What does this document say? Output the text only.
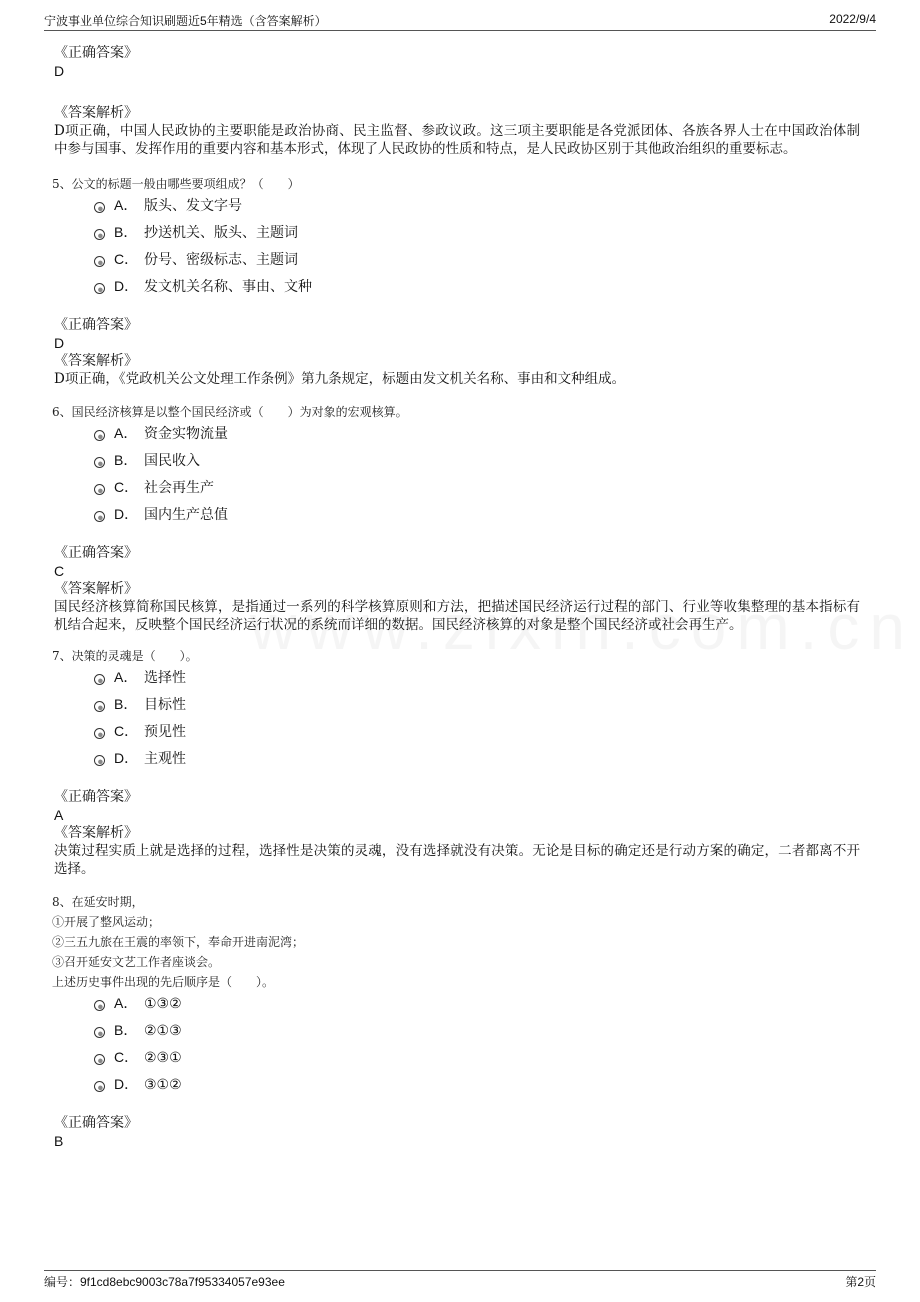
宁波事业单位综合知识刷题近5年精选（含答案解析）	2022/9/4
《正确答案》
D
《答案解析》
D项正确，中国人民政协的主要职能是政治协商、民主监督、参政议政。这三项主要职能是各党派团体、各族各界人士在中国政治体制中参与国事、发挥作用的重要内容和基本形式，体现了人民政协的性质和特点，是人民政协区别于其他政治组织的重要标志。
5、公文的标题一般由哪些要项组成？（　　）
A． 版头、发文字号
B． 抄送机关、版头、主题词
C． 份号、密级标志、主题词
D． 发文机关名称、事由、文种
《正确答案》
D
《答案解析》
D项正确，《党政机关公文处理工作条例》第九条规定，标题由发文机关名称、事由和文种组成。
6、国民经济核算是以整个国民经济或（　　）为对象的宏观核算。
A． 资金实物流量
B． 国民收入
C． 社会再生产
D． 国内生产总值
《正确答案》
C
《答案解析》
国民经济核算简称国民核算，是指通过一系列的科学核算原则和方法，把描述国民经济运行过程的部门、行业等收集整理的基本指标有机结合起来，反映整个国民经济运行状况的系统而详细的数据。国民经济核算的对象是整个国民经济或社会再生产。
7、决策的灵魂是（　　）。
A． 选择性
B． 目标性
C． 预见性
D． 主观性
《正确答案》
A
《答案解析》
决策过程实质上就是选择的过程，选择性是决策的灵魂，没有选择就没有决策。无论是目标的确定还是行动方案的确定，二者都离不开选择。
8、在延安时期，
①开展了整风运动；
②三五九旅在王震的率领下，奉命开进南泥湾；
③召开延安文艺工作者座谈会。
上述历史事件出现的先后顺序是（　　）。
A． ①③②
B． ②①③
C． ②③①
D． ③①②
《正确答案》
B
编号：9f1cd8ebc9003c78a7f95334057e93ee	第2页
